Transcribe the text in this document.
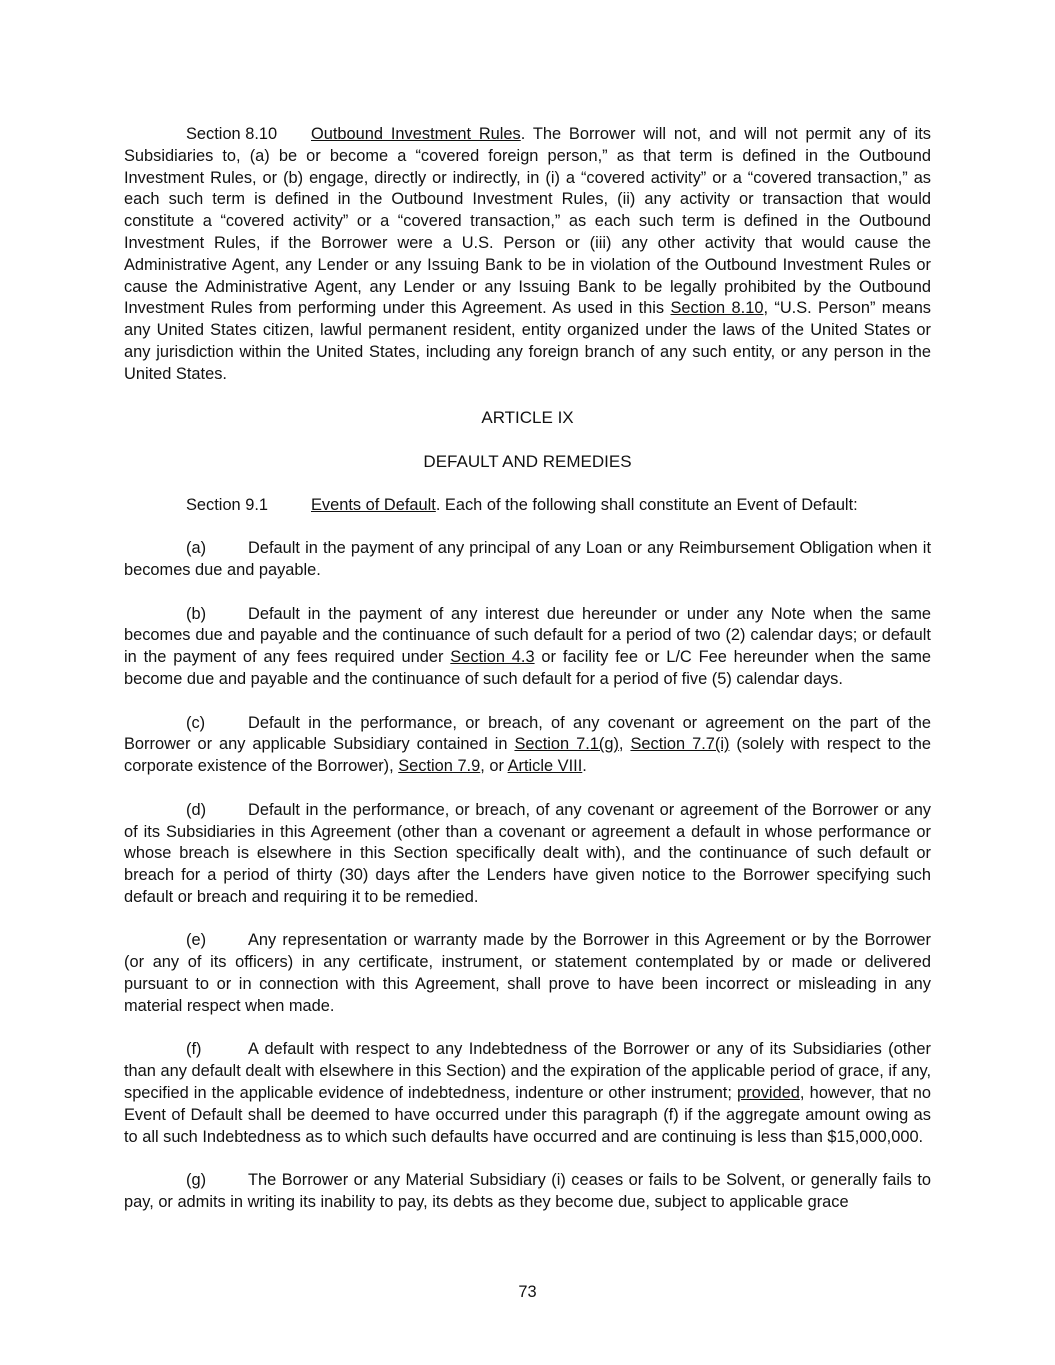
Section 8.10 Outbound Investment Rules. The Borrower will not, and will not permit any of its Subsidiaries to, (a) be or become a “covered foreign person,” as that term is defined in the Outbound Investment Rules, or (b) engage, directly or indirectly, in (i) a “covered activity” or a “covered transaction,” as each such term is defined in the Outbound Investment Rules, (ii) any activity or transaction that would constitute a “covered activity” or a “covered transaction,” as each such term is defined in the Outbound Investment Rules, if the Borrower were a U.S. Person or (iii) any other activity that would cause the Administrative Agent, any Lender or any Issuing Bank to be in violation of the Outbound Investment Rules or cause the Administrative Agent, any Lender or any Issuing Bank to be legally prohibited by the Outbound Investment Rules from performing under this Agreement. As used in this Section 8.10, “U.S. Person” means any United States citizen, lawful permanent resident, entity organized under the laws of the United States or any jurisdiction within the United States, including any foreign branch of any such entity, or any person in the United States.

ARTICLE IX

DEFAULT AND REMEDIES

Section 9.1	Events of Default. Each of the following shall constitute an Event of Default:

(a)	Default in the payment of any principal of any Loan or any Reimbursement Obligation when it becomes due and payable.

(b)	Default in the payment of any interest due hereunder or under any Note when the same becomes due and payable and the continuance of such default for a period of two (2) calendar days; or default in the payment of any fees required under Section 4.3 or facility fee or L/C Fee hereunder when the same become due and payable and the continuance of such default for a period of five (5) calendar days.

(c)	Default in the performance, or breach, of any covenant or agreement on the part of the Borrower or any applicable Subsidiary contained in Section 7.1(g), Section 7.7(i) (solely with respect to the corporate existence of the Borrower), Section 7.9, or Article VIII.

(d)	Default in the performance, or breach, of any covenant or agreement of the Borrower or any of its Subsidiaries in this Agreement (other than a covenant or agreement a default in whose performance or whose breach is elsewhere in this Section specifically dealt with), and the continuance of such default or breach for a period of thirty (30) days after the Lenders have given notice to the Borrower specifying such default or breach and requiring it to be remedied.

(e)	Any representation or warranty made by the Borrower in this Agreement or by the Borrower (or any of its officers) in any certificate, instrument, or statement contemplated by or made or delivered pursuant to or in connection with this Agreement, shall prove to have been incorrect or misleading in any material respect when made.

(f)	A default with respect to any Indebtedness of the Borrower or any of its Subsidiaries (other than any default dealt with elsewhere in this Section) and the expiration of the applicable period of grace, if any, specified in the applicable evidence of indebtedness, indenture or other instrument; provided, however, that no Event of Default shall be deemed to have occurred under this paragraph (f) if the aggregate amount owing as to all such Indebtedness as to which such defaults have occurred and are continuing is less than $15,000,000.

(g)	The Borrower or any Material Subsidiary (i) ceases or fails to be Solvent, or generally fails to pay, or admits in writing its inability to pay, its debts as they become due, subject to applicable grace

73
